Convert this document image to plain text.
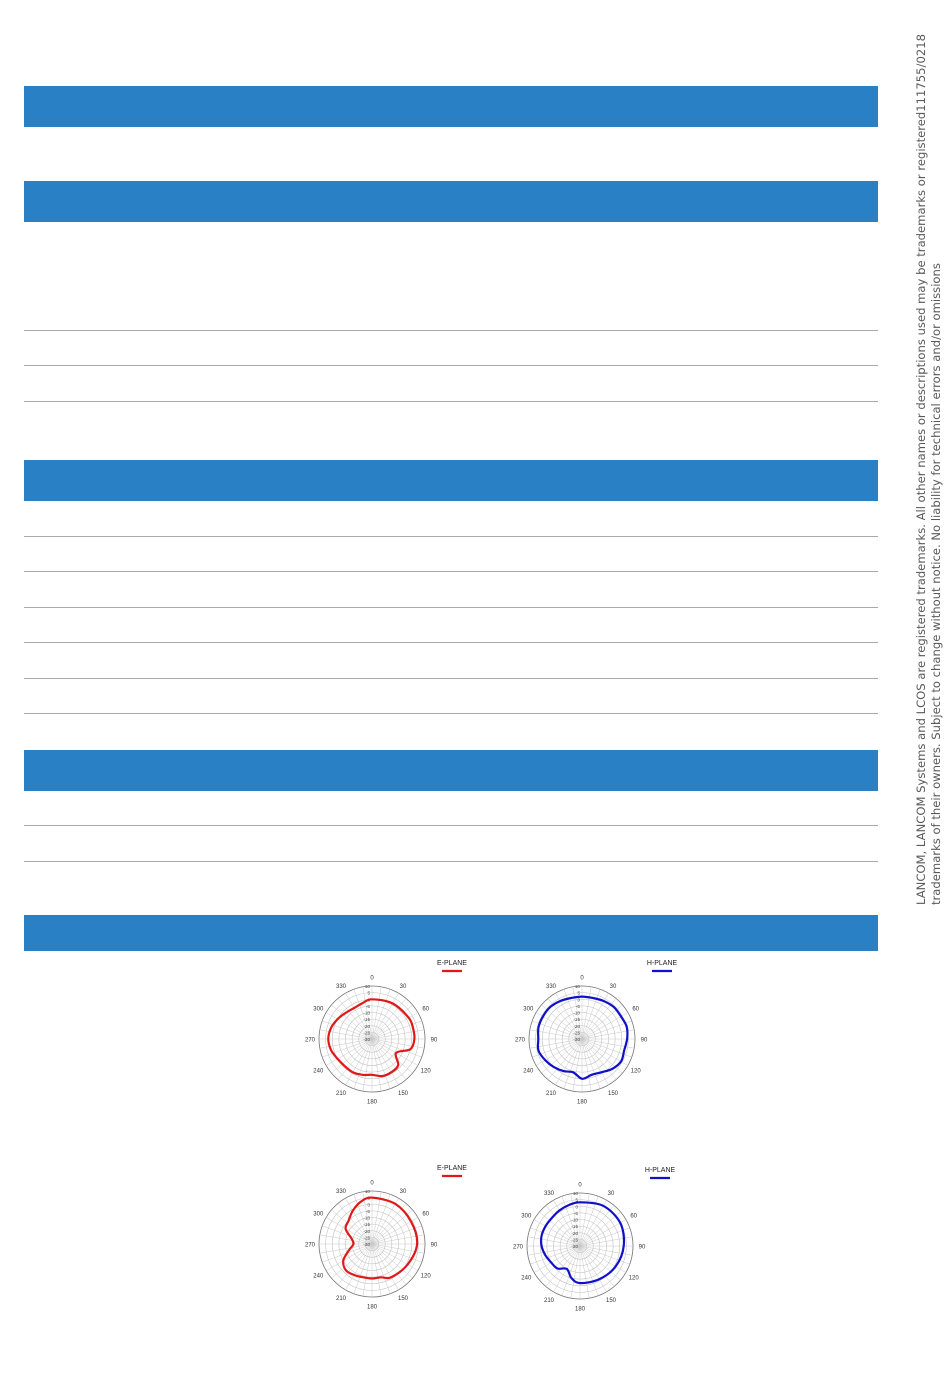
LANCOM, LANCOM Systems and LCOS are registered trademarks. All other names or descriptions used may be trademarks or registered
111755/0218
trademarks of their owners. Subject to change without notice. No liability for technical errors and/or omissions
0
30
60
90
120
150
180
210
240
270
300
330	10
5
0
-5
-10
-15
-20
-25
-30
E-PLANE
0
30
60
90
120
150
180
210
240
270
300
330	10
5
0
-5
-10
-15
-20
-25
-30
H-PLANE
0
30
60
90
120
150
180
210
240
270
300
330	10
5
0
-5
-10
-15
-20
-25
-30
E-PLANE
0
30
60
90
120
150
180
210
240
270
300
330	10
5
0
-5
-10
-15
-20
-25
-30
H-PLANE
